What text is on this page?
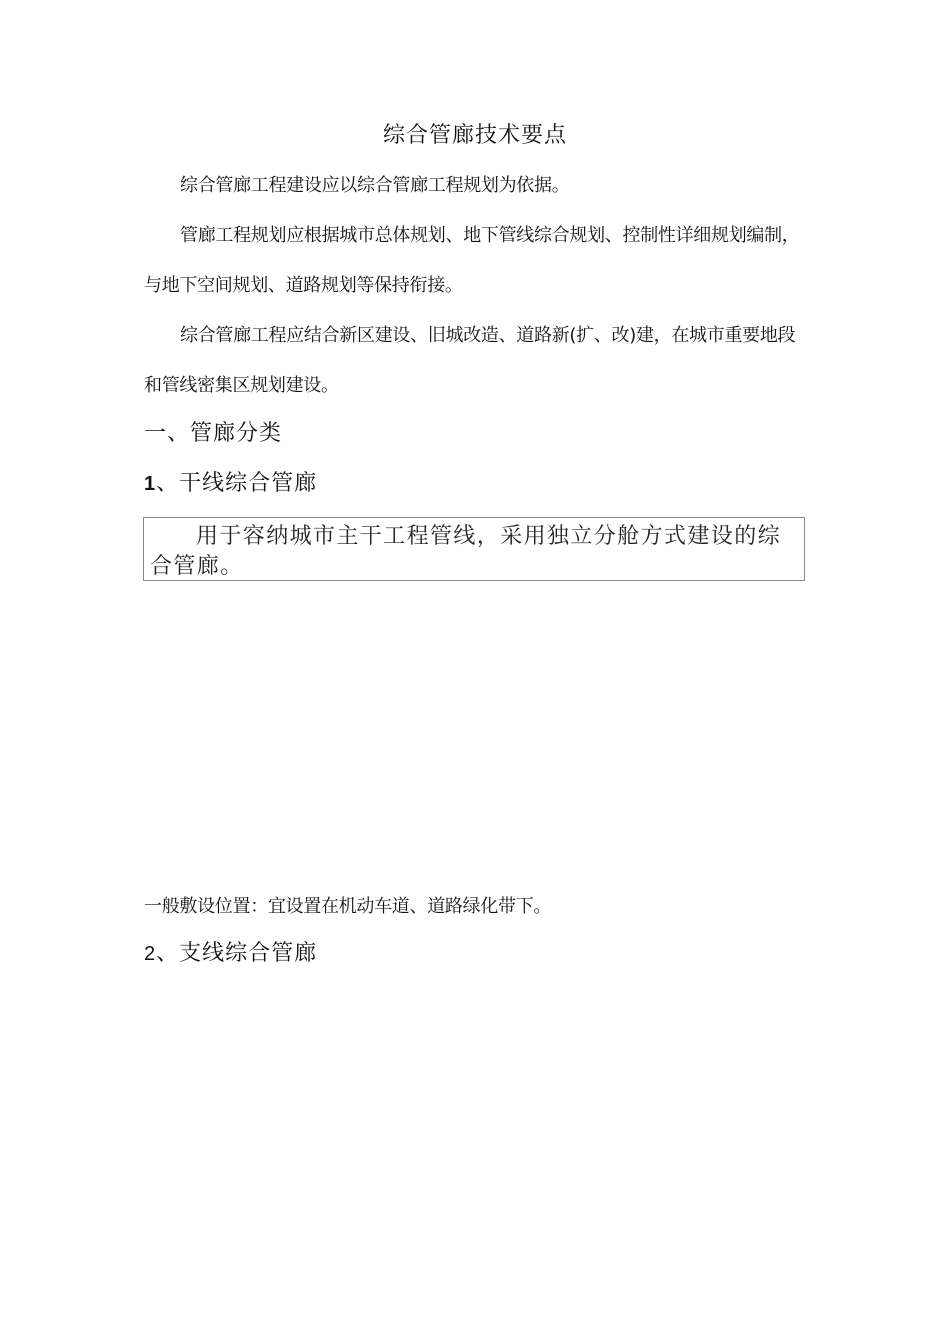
综合管廊技术要点
综合管廊工程建设应以综合管廊工程规划为依据。
管廊工程规划应根据城市总体规划、地下管线综合规划、控制性详细规划编制，与地下空间规划、道路规划等保持衔接。
综合管廊工程应结合新区建设、旧城改造、道路新(扩、改)建，在城市重要地段和管线密集区规划建设。
一、管廊分类
1、干线综合管廊
用于容纳城市主干工程管线，采用独立分舱方式建设的综合管廊。
一般敷设位置：宜设置在机动车道、道路绿化带下。
2、支线综合管廊
